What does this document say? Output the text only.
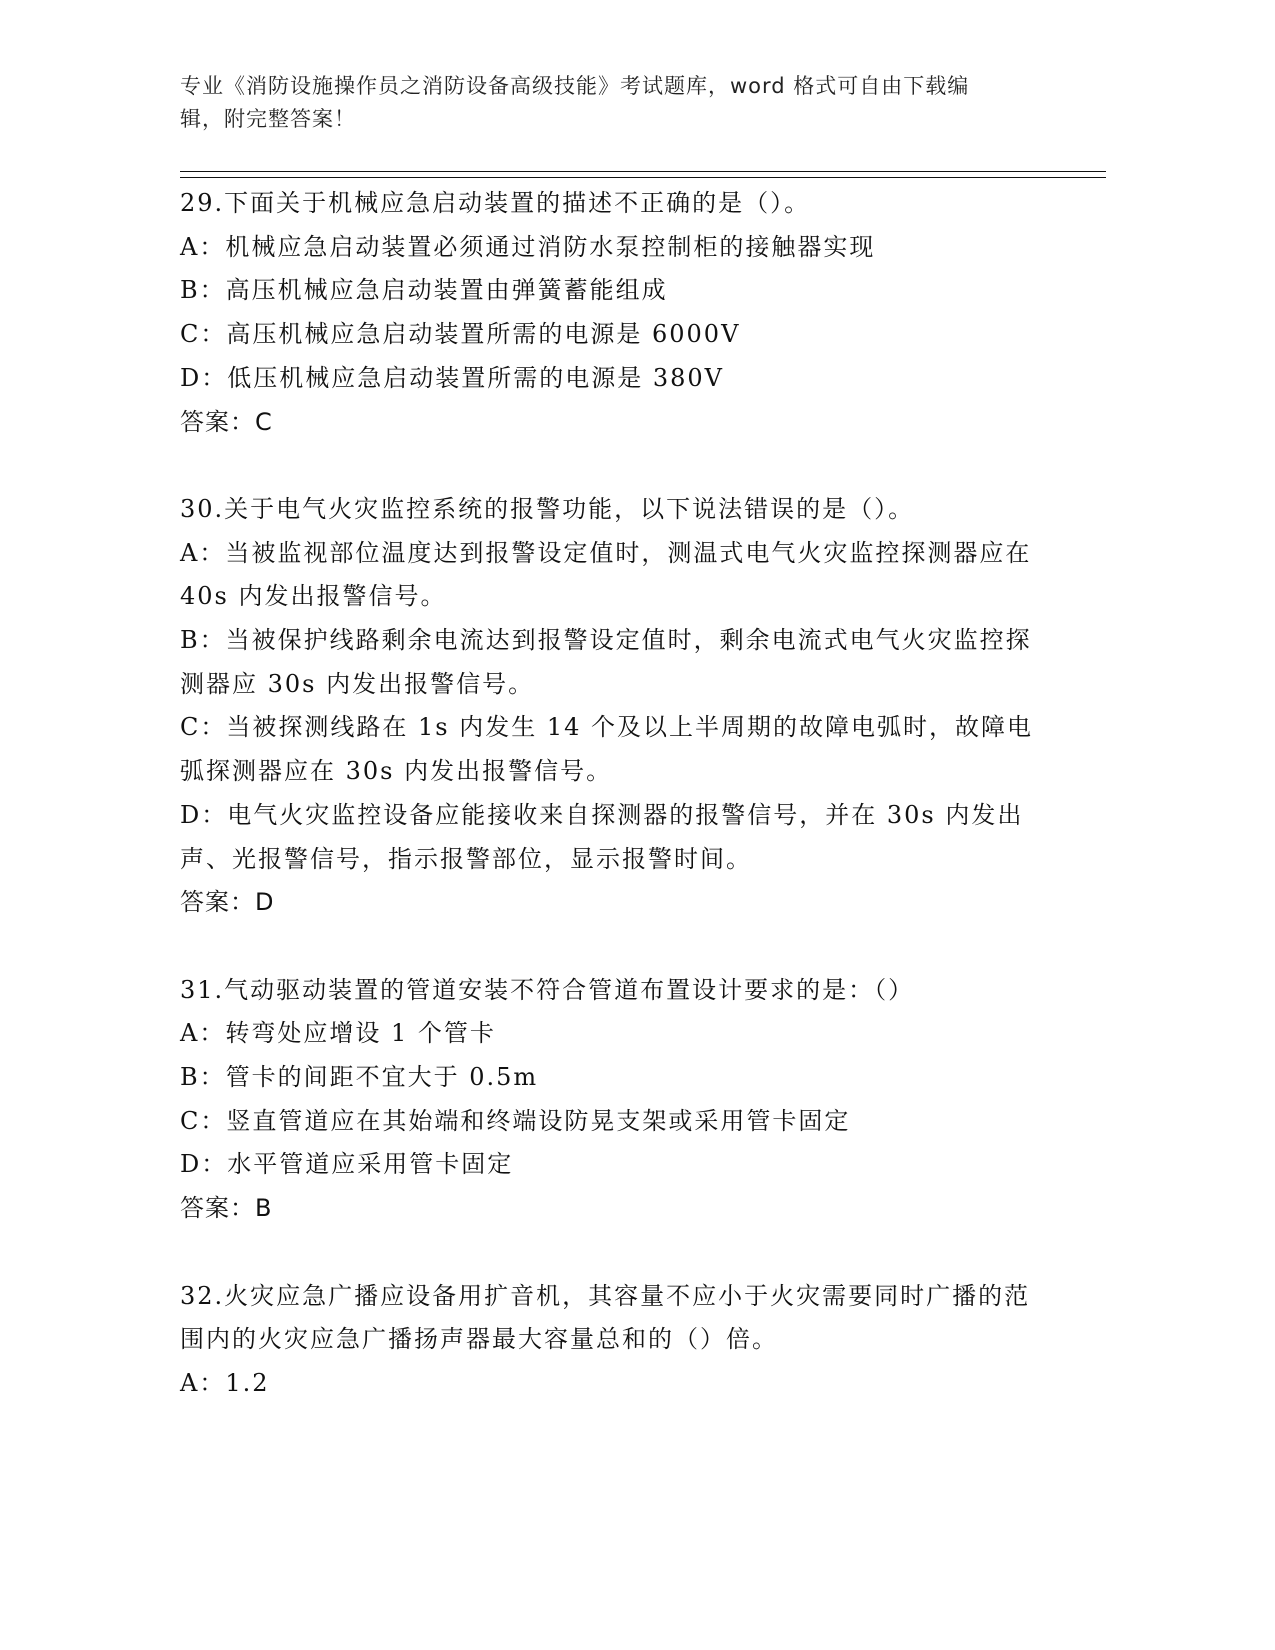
专业《消防设施操作员之消防设备高级技能》考试题库，word 格式可自由下载编
辑，附完整答案！
29.下面关于机械应急启动装置的描述不正确的是（）。
A：机械应急启动装置必须通过消防水泵控制柜的接触器实现
B：高压机械应急启动装置由弹簧蓄能组成
C：高压机械应急启动装置所需的电源是 6000V
D：低压机械应急启动装置所需的电源是 380V
答案：C
30.关于电气火灾监控系统的报警功能，以下说法错误的是（）。
A：当被监视部位温度达到报警设定值时，测温式电气火灾监控探测器应在 40s 内发出报警信号。
B：当被保护线路剩余电流达到报警设定值时，剩余电流式电气火灾监控探测器应 30s 内发出报警信号。
C：当被探测线路在 1s 内发生 14 个及以上半周期的故障电弧时，故障电弧探测器应在 30s 内发出报警信号。
D：电气火灾监控设备应能接收来自探测器的报警信号，并在 30s 内发出声、光报警信号，指示报警部位，显示报警时间。
答案：D
31.气动驱动装置的管道安装不符合管道布置设计要求的是：（）
A：转弯处应增设 1 个管卡
B：管卡的间距不宜大于 0.5m
C：竖直管道应在其始端和终端设防晃支架或采用管卡固定
D：水平管道应采用管卡固定
答案：B
32.火灾应急广播应设备用扩音机，其容量不应小于火灾需要同时广播的范围内的火灾应急广播扬声器最大容量总和的（）倍。
A：1.2
